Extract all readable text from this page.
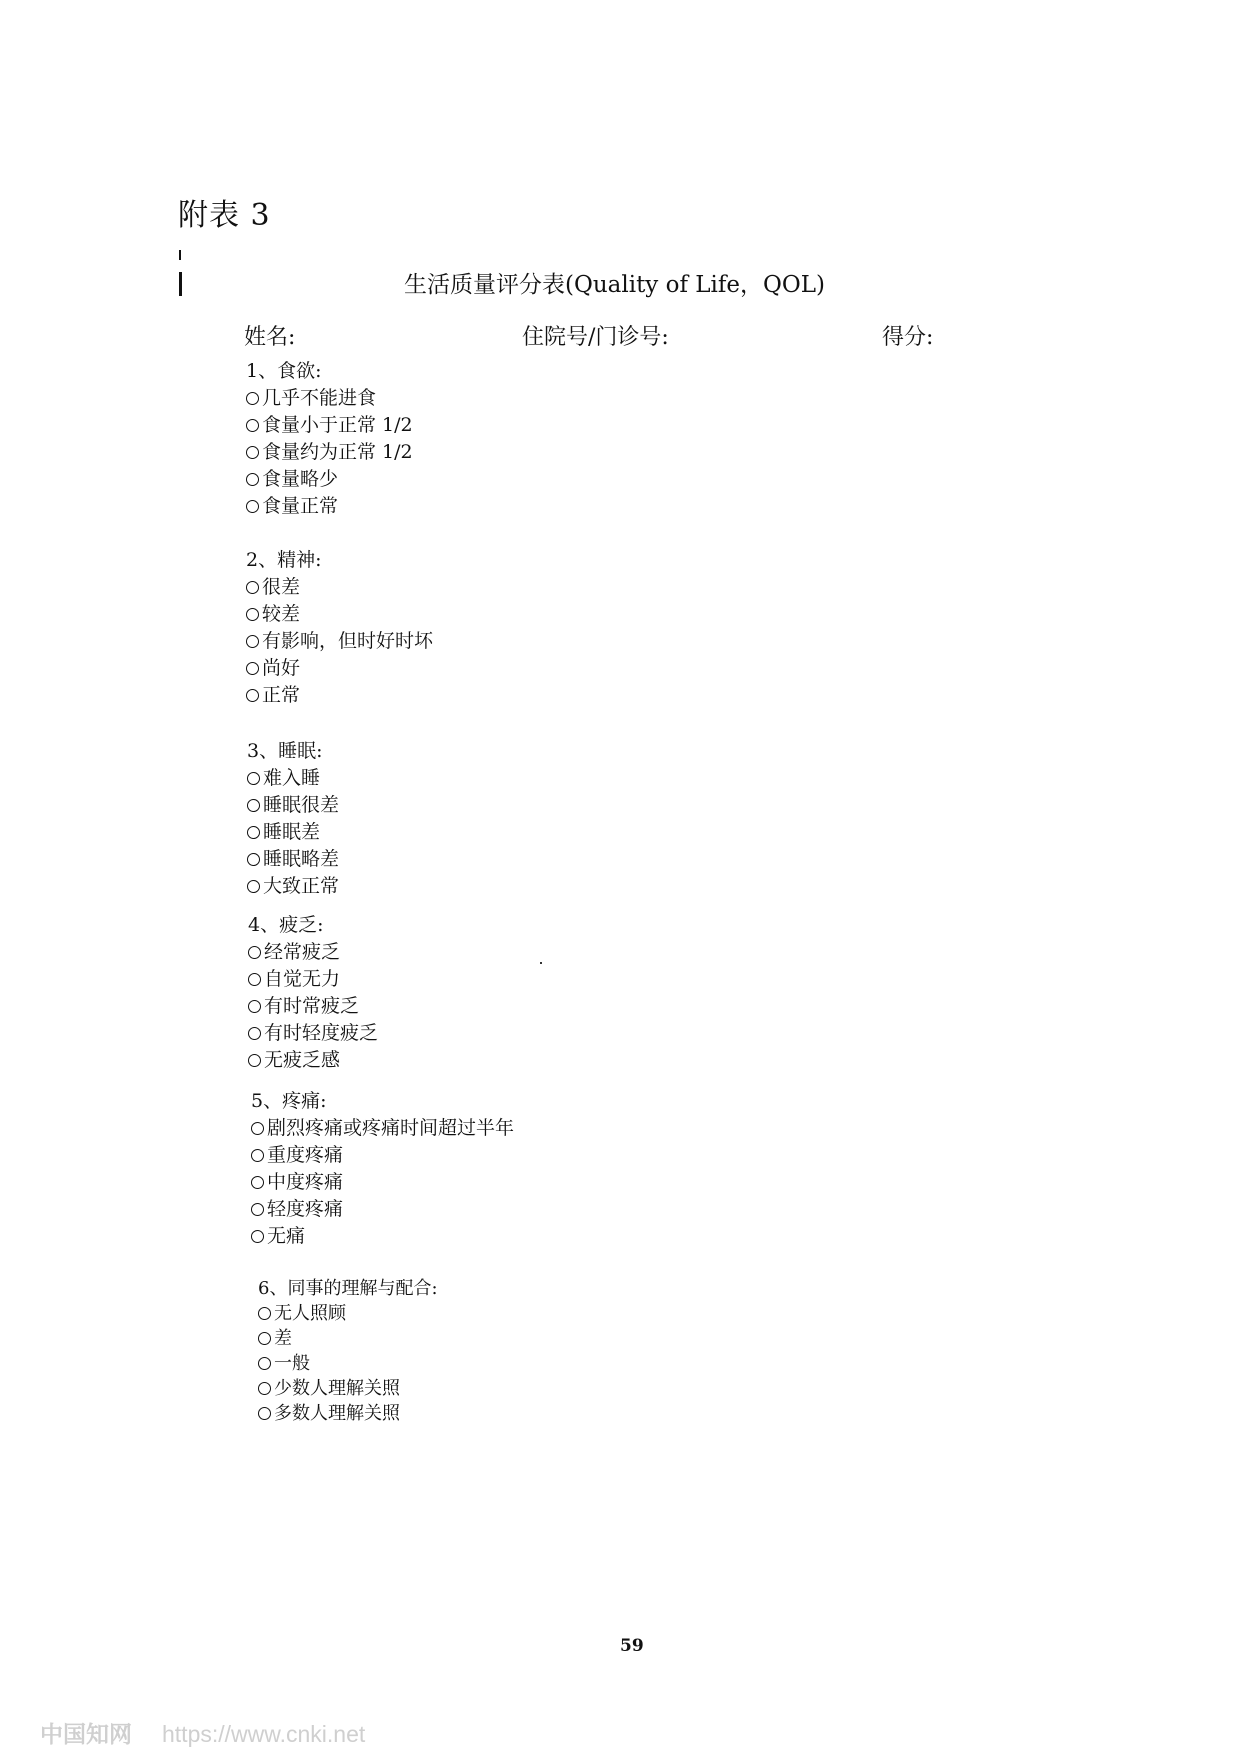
附表 3
生活质量评分表(Quality of Life，QOL)
姓名:	住院号/门诊号:	得分:
1、食欲:
几乎不能进食
食量小于正常 1/2
食量约为正常 1/2
食量略少
食量正常
2、精神:
很差
较差
有影响，但时好时坏
尚好
正常
3、睡眠:
难入睡
睡眠很差
睡眠差
睡眠略差
大致正常
4、疲乏:
经常疲乏
自觉无力
有时常疲乏
有时轻度疲乏
无疲乏感
5、疼痛:
剧烈疼痛或疼痛时间超过半年
重度疼痛
中度疼痛
轻度疼痛
无痛
6、同事的理解与配合:
无人照顾
差
一般
少数人理解关照
多数人理解关照
59
中国知网 https://www.cnki.net
